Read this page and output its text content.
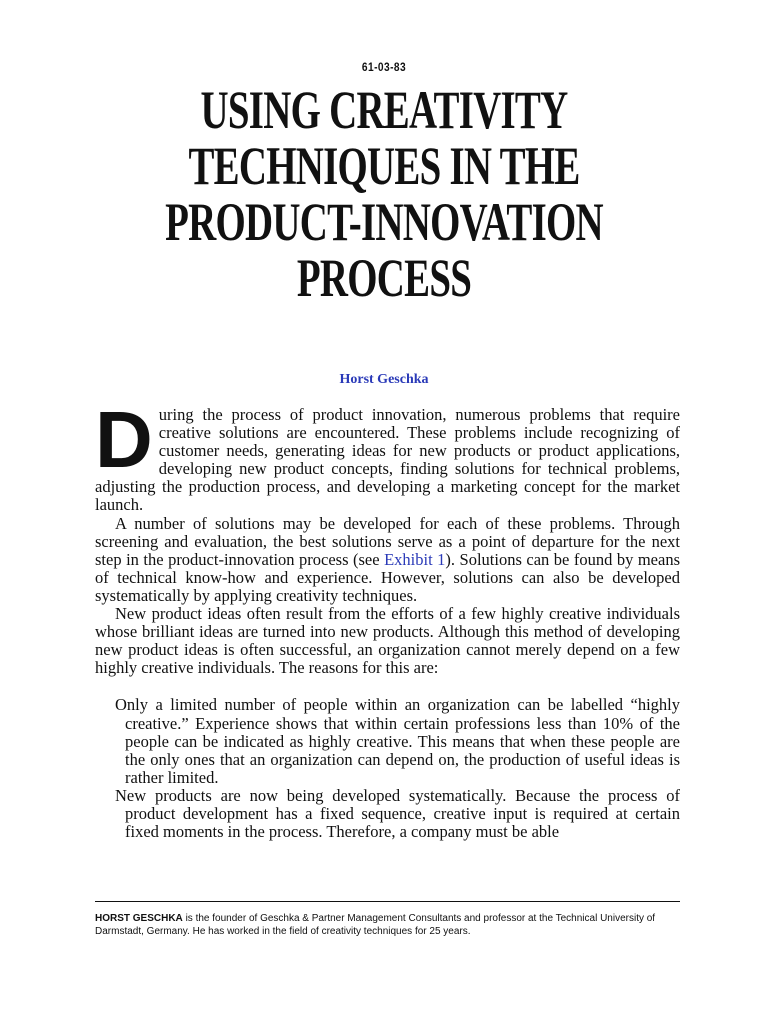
61-03-83
USING CREATIVITY
TECHNIQUES IN THE
PRODUCT-INNOVATION
PROCESS
Horst Geschka

During the process of product innovation, numerous problems that require creative solutions are encountered. These problems include recognizing of customer needs, generating ideas for new products or product applications, developing new product concepts, finding solutions for technical problems, adjusting the production process, and developing a marketing concept for the market launch.

A number of solutions may be developed for each of these problems. Through screening and evaluation, the best solutions serve as a point of departure for the next step in the product-innovation process (see Exhibit 1). Solutions can be found by means of technical know-how and experience. However, solutions can also be developed systematically by applying creativity techniques.

New product ideas often result from the efforts of a few highly creative individuals whose brilliant ideas are turned into new products. Although this method of developing new product ideas is often successful, an organization cannot merely depend on a few highly creative individuals. The reasons for this are:

Only a limited number of people within an organization can be labelled “highly creative.” Experience shows that within certain professions less than 10% of the people can be indicated as highly creative. This means that when these people are the only ones that an organization can depend on, the production of useful ideas is rather limited.

New products are now being developed systematically. Because the process of product development has a fixed sequence, creative input is required at certain fixed moments in the process. Therefore, a company must be able

HORST GESCHKA is the founder of Geschka & Partner Management Consultants and professor at the Technical University of Darmstadt, Germany. He has worked in the field of creativity techniques for 25 years.
